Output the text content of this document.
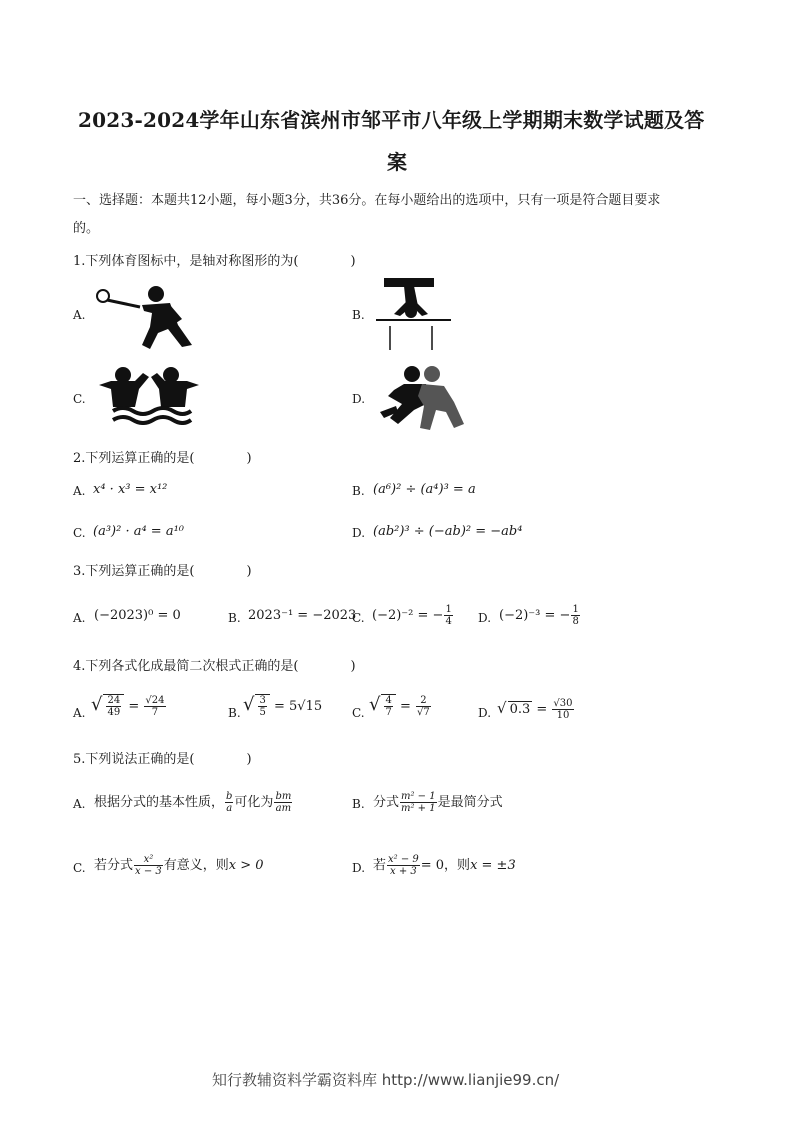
2023-2024学年山东省滨州市邹平市八年级上学期期末数学试题及答
案
一、选择题：本题共12小题，每小题3分，共36分。在每小题给出的选项中，只有一项是符合题目要求
的。
1.下列体育图标中，是轴对称图形的为(　　　　)
A.	B.
C.	D.
2.下列运算正确的是(　　　　)
A. x⁴ · x³ = x¹²	B. (a⁶)² ÷ (a⁴)³ = a
C. (a³)² · a⁴ = a¹⁰	D. (ab²)³ ÷ (−ab)² = −ab⁴
3.下列运算正确的是(　　　　)
A. (−2023)⁰ = 0	B. 2023⁻¹ = −2023
C. (−2)⁻² = − $\frac{1}{4} D$. (−2)⁻³ = − $\frac{1}{8}$
4.下列各式化成最简二次根式正确的是(　　　　)
A. √ $\frac{24}{49} = \frac{√24}{7}$	B. √ $\frac{3}{5} = 5√15$ C. √ $\frac{4}{7} = \frac{2}{√7}$	D. √ $0.3 = \frac{√30}{10}$
5.下列说法正确的是(　　　　)
A. 根据分式的基本性质， $\frac{b}{a}$ 可化为 $\frac{bm}{am}$	B. 分式 $\frac{\text{m² − 1}}{\text{m² + 1}}$ 是最简分式
C. 若分式 $\frac{\text{x²}}{x - 3}$ 有意义，则x > 0	D. 若 $\frac{\text{x² − 9}}{x + 3} = 0$，则x = ±3
知行教辅资料学霸资料库 http://www.lianjie99.cn/
